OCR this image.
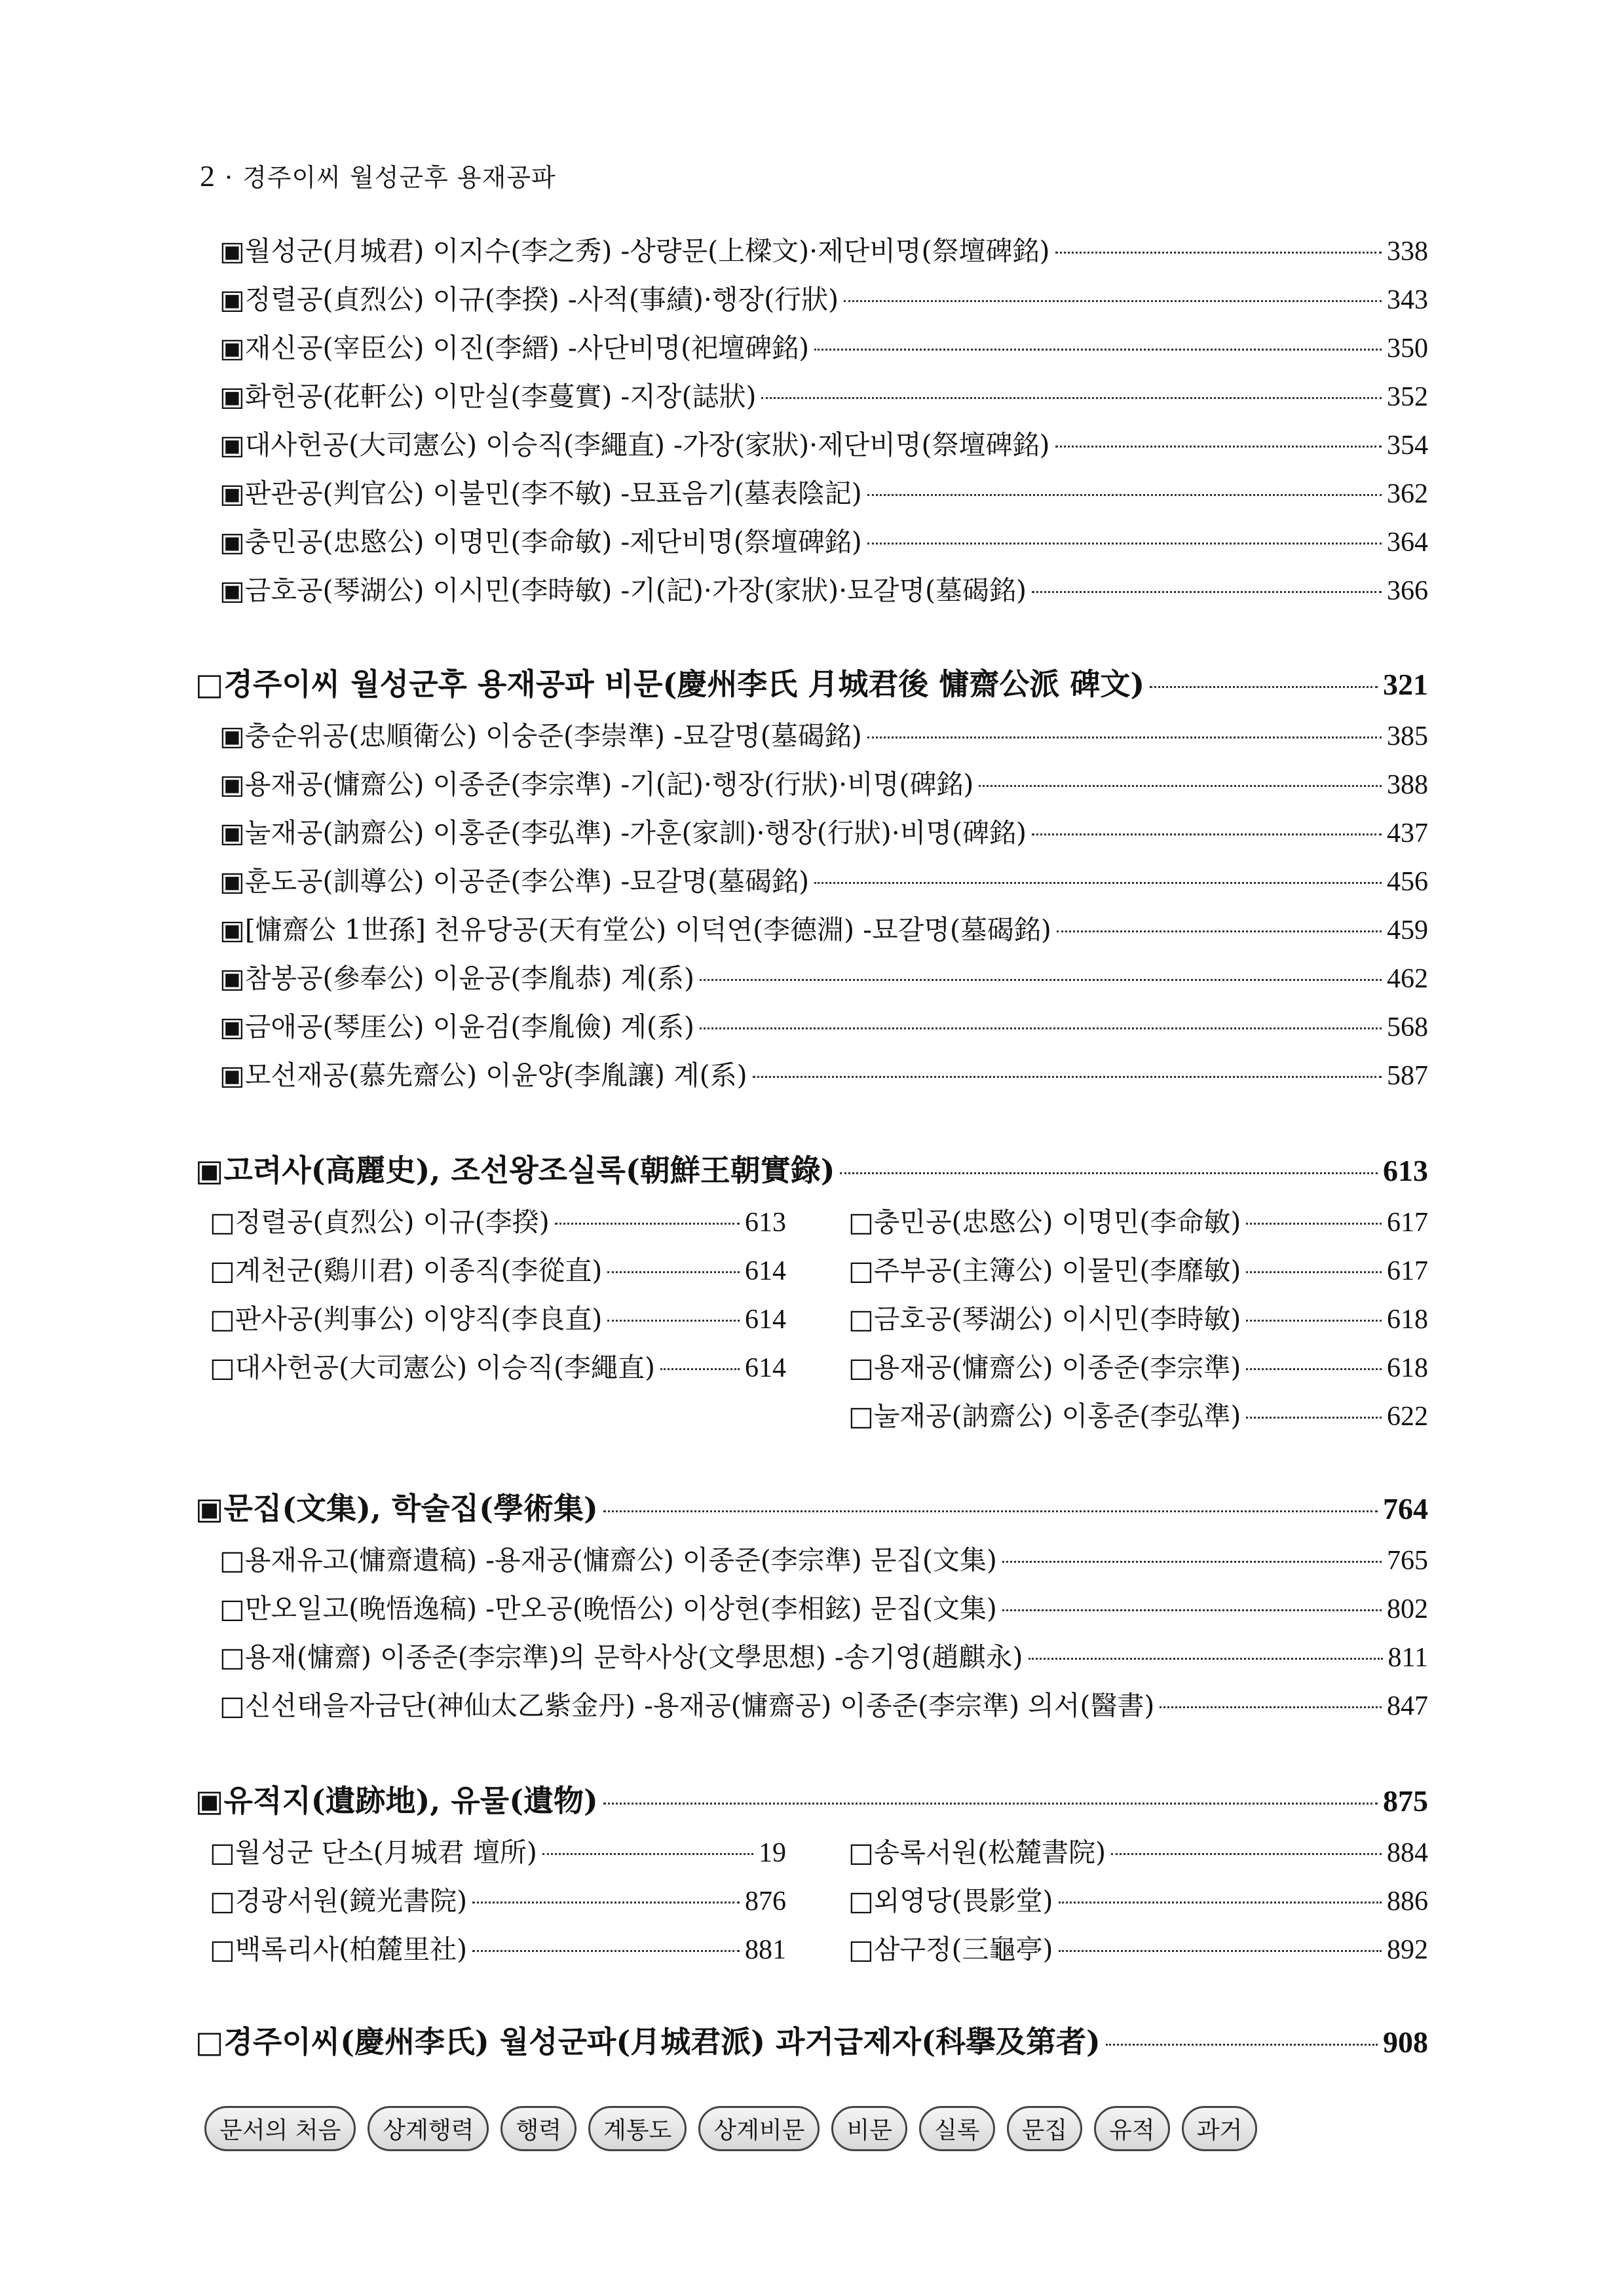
2 · 경주이씨 월성군후 용재공파
▣월성군(月城君) 이지수(李之秀) -상량문(上樑文)·제단비명(祭壇碑銘)	338
▣정렬공(貞烈公) 이규(李揆) -사적(事績)·행장(行狀)	343
▣재신공(宰臣公) 이진(李縉) -사단비명(祀壇碑銘)	350
▣화헌공(花軒公) 이만실(李蔓實) -지장(誌狀)	352
▣대사헌공(大司憲公) 이승직(李繩直) -가장(家狀)·제단비명(祭壇碑銘)	354
▣판관공(判官公) 이불민(李不敏) -묘표음기(墓表陰記)	362
▣충민공(忠愍公) 이명민(李命敏) -제단비명(祭壇碑銘)	364
▣금호공(琴湖公) 이시민(李時敏) -기(記)·가장(家狀)·묘갈명(墓碣銘)	366
□경주이씨 월성군후 용재공파 비문(慶州李氏 月城君後 慵齋公派 碑文)	321
▣충순위공(忠順衛公) 이숭준(李崇準) -묘갈명(墓碣銘)	385
▣용재공(慵齋公) 이종준(李宗準) -기(記)·행장(行狀)·비명(碑銘)	388
▣눌재공(訥齋公) 이홍준(李弘準) -가훈(家訓)·행장(行狀)·비명(碑銘)	437
▣훈도공(訓導公) 이공준(李公準) -묘갈명(墓碣銘)	456
▣[慵齋公 1世孫] 천유당공(天有堂公) 이덕연(李德淵) -묘갈명(墓碣銘)	459
▣참봉공(參奉公) 이윤공(李胤恭) 계(系)	462
▣금애공(琴厓公) 이윤검(李胤儉) 계(系)	568
▣모선재공(慕先齋公) 이윤양(李胤讓) 계(系)	587
▣고려사(高麗史), 조선왕조실록(朝鮮王朝實錄)	613
□정렬공(貞烈公) 이규(李揆)	613
□계천군(鷄川君) 이종직(李從直)	614
□판사공(判事公) 이양직(李良直)	614
□대사헌공(大司憲公) 이승직(李繩直)	614
□충민공(忠愍公) 이명민(李命敏)	617
□주부공(主簿公) 이물민(李靡敏)	617
□금호공(琴湖公) 이시민(李時敏)	618
□용재공(慵齋公) 이종준(李宗準)	618
□눌재공(訥齋公) 이홍준(李弘準)	622
▣문집(文集), 학술집(學術集)	764
□용재유고(慵齋遺稿) -용재공(慵齋公) 이종준(李宗準) 문집(文集)	765
□만오일고(晩悟逸稿) -만오공(晩悟公) 이상현(李相鉉) 문집(文集)	802
□용재(慵齋) 이종준(李宗準)의 문학사상(文學思想) -송기영(趙麒永)	811
□신선태을자금단(神仙太乙紫金丹) -용재공(慵齋공) 이종준(李宗準) 의서(醫書)	847
▣유적지(遺跡地), 유물(遺物)	875
□월성군 단소(月城君 壇所)	19
□경광서원(鏡光書院)	876
□백록리사(柏麓里社)	881
□송록서원(松麓書院)	884
□외영당(畏影堂)	886
□삼구정(三龜亭)	892
□경주이씨(慶州李氏) 월성군파(月城君派) 과거급제자(科擧及第者)	908
문서의 처음	상계행력	행력	계통도	상계비문	비문	실록	문집	유적	과거
